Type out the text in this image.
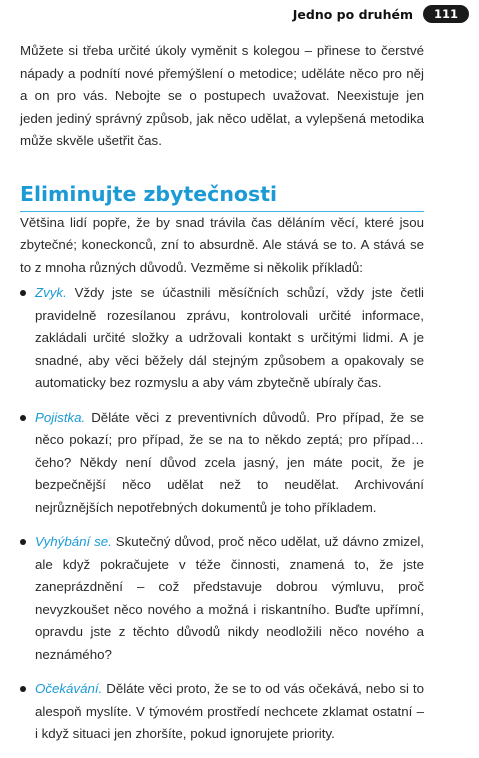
Jedno po druhém	111

Můžete si třeba určité úkoly vyměnit s kolegou – přinese to čerstvé nápady a podnítí nové přemýšlení o metodice; uděláte něco pro něj a on pro vás. Nebojte se o postupech uvažovat. Neexistuje jen jeden jediný správný způsob, jak něco udělat, a vylepšená metodika může skvěle ušetřit čas.

Eliminujte zbytečnosti

Většina lidí popře, že by snad trávila čas děláním věcí, které jsou zbytečné; koneckonců, zní to absurdně. Ale stává se to. A stává se to z mnoha různých důvodů. Vezměme si několik příkladů:

Zvyk. Vždy jste se účastnili měsíčních schůzí, vždy jste četli pravidelně rozesílanou zprávu, kontrolovali určité informace, zakládali určité složky a udržovali kontakt s určitými lidmi. A je snadné, aby věci běžely dál stejným způsobem a opakovaly se automaticky bez rozmyslu a aby vám zbytečně ubíraly čas.
Pojistka. Děláte věci z preventivních důvodů. Pro případ, že se něco pokazí; pro případ, že se na to někdo zeptá; pro případ… čeho? Někdy není důvod zcela jasný, jen máte pocit, že je bezpečnější něco udělat než to neudělat. Archivování nejrůznějších nepotřebných dokumentů je toho příkladem.
Vyhýbání se. Skutečný důvod, proč něco udělat, už dávno zmizel, ale když pokračujete v téže činnosti, znamená to, že jste zaneprázdnění – což představuje dobrou výmluvu, proč nevyzkoušet něco nového a možná i riskantního. Buďte upřímní, opravdu jste z těchto důvodů nikdy neodložili něco nového a neznámého?
Očekávání. Děláte věci proto, že se to od vás očekává, nebo si to alespoň myslíte. V týmovém prostředí nechcete zklamat ostatní – i když situaci jen zhoršíte, pokud ignorujete priority.
